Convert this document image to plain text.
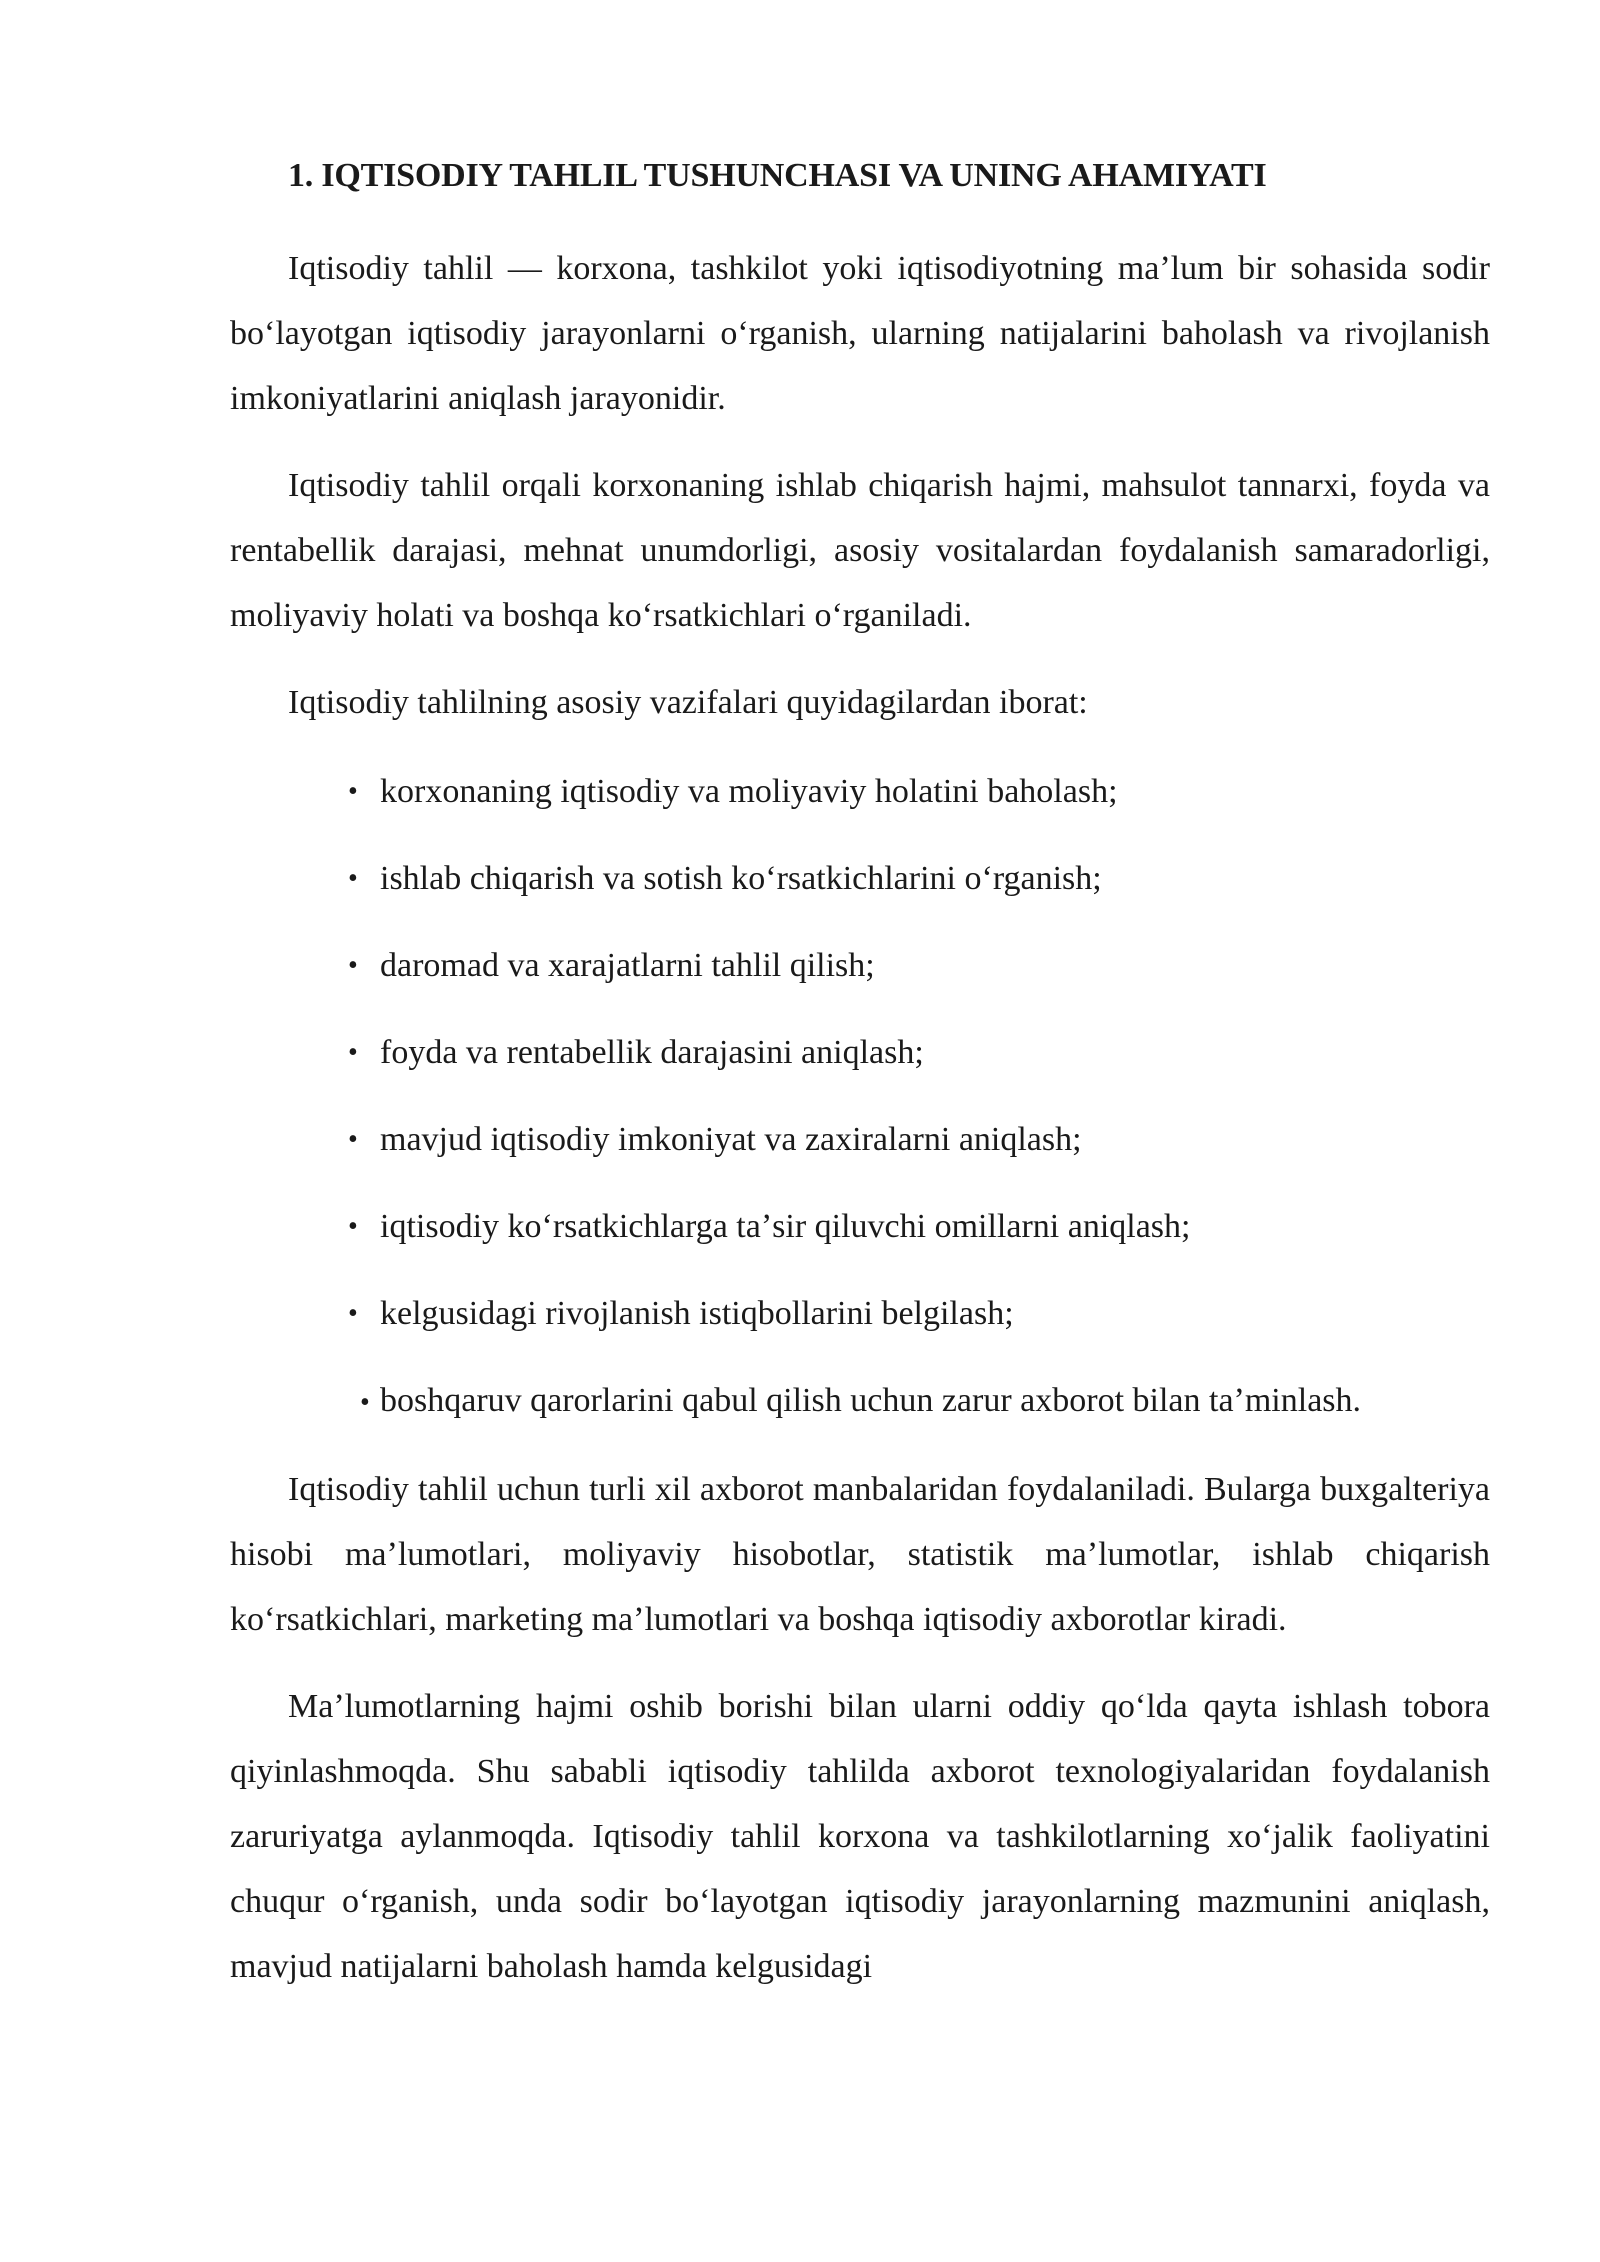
1. IQTISODIY TAHLIL TUSHUNCHASI VA UNING AHAMIYATI

Iqtisodiy tahlil — korxona, tashkilot yoki iqtisodiyotning maʼlum bir sohasida sodir boʻlayotgan iqtisodiy jarayonlarni oʻrganish, ularning natijalarini baholash va rivojlanish imkoniyatlarini aniqlash jarayonidir.

Iqtisodiy tahlil orqali korxonaning ishlab chiqarish hajmi, mahsulot tannarxi, foyda va rentabellik darajasi, mehnat unumdorligi, asosiy vositalardan foydalanish samaradorligi, moliyaviy holati va boshqa koʻrsatkichlari oʻrganiladi.

Iqtisodiy tahlilning asosiy vazifalari quyidagilardan iborat:

• korxonaning iqtisodiy va moliyaviy holatini baholash;
• ishlab chiqarish va sotish koʻrsatkichlarini oʻrganish;
• daromad va xarajatlarni tahlil qilish;
• foyda va rentabellik darajasini aniqlash;
• mavjud iqtisodiy imkoniyat va zaxiralarni aniqlash;
• iqtisodiy koʻrsatkichlarga taʼsir qiluvchi omillarni aniqlash;
• kelgusidagi rivojlanish istiqbollarini belgilash;
• boshqaruv qarorlarini qabul qilish uchun zarur axborot bilan taʼminlash.

Iqtisodiy tahlil uchun turli xil axborot manbalaridan foydalaniladi. Bularga buxgalteriya hisobi maʼlumotlari, moliyaviy hisobotlar, statistik maʼlumotlar, ishlab chiqarish koʻrsatkichlari, marketing maʼlumotlari va boshqa iqtisodiy axborotlar kiradi.

Maʼlumotlarning hajmi oshib borishi bilan ularni oddiy qoʻlda qayta ishlash tobora qiyinlashmoqda. Shu sababli iqtisodiy tahlilda axborot texnologiyalaridan foydalanish zaruriyatga aylanmoqda. Iqtisodiy tahlil korxona va tashkilotlarning xoʻjalik faoliyatini chuqur oʻrganish, unda sodir boʻlayotgan iqtisodiy jarayonlarning mazmunini aniqlash, mavjud natijalarni baholash hamda kelgusidagi
